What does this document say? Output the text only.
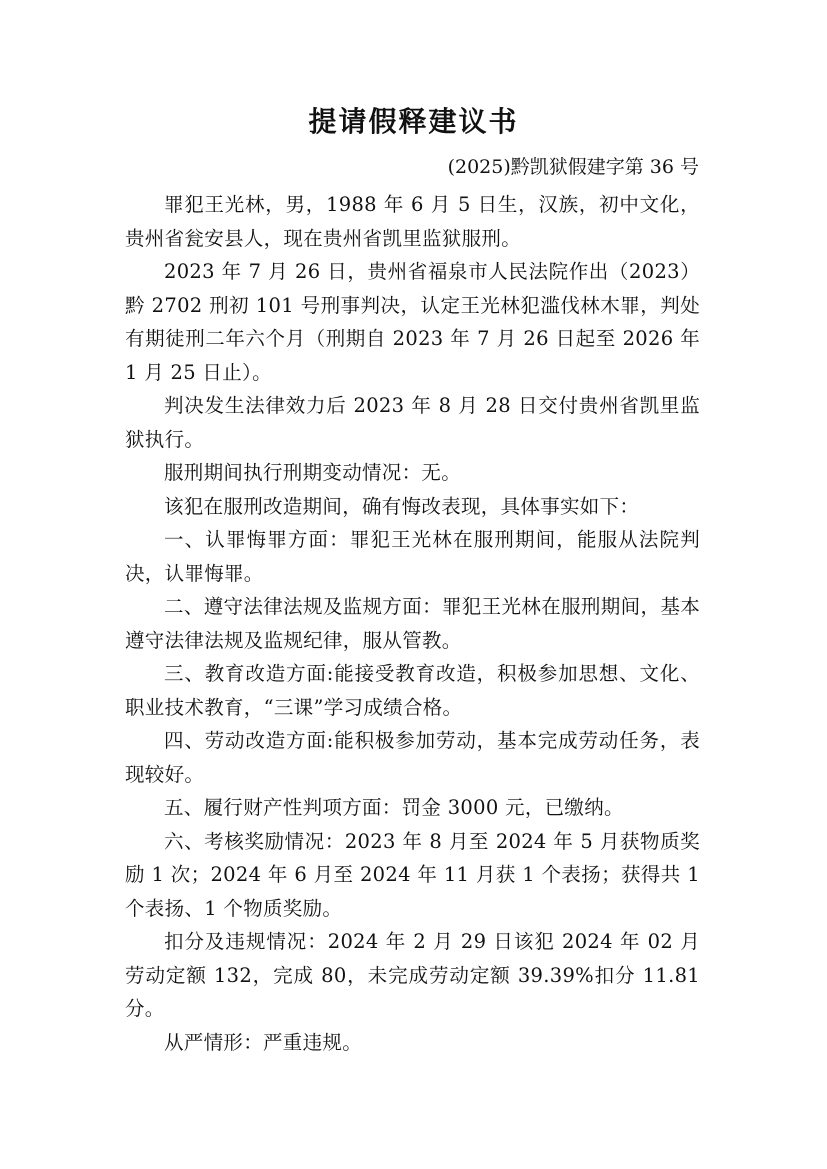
提请假释建议书
(2025)黔凯狱假建字第 36 号

罪犯王光林，男，1988 年 6 月 5 日生，汉族，初中文化，贵州省瓮安县人，现在贵州省凯里监狱服刑。

2023 年 7 月 26 日，贵州省福泉市人民法院作出（2023）黔 2702 刑初 101 号刑事判决，认定王光林犯滥伐林木罪，判处有期徒刑二年六个月（刑期自 2023 年 7 月 26 日起至 2026 年 1 月 25 日止）。

判决发生法律效力后 2023 年 8 月 28 日交付贵州省凯里监狱执行。

服刑期间执行刑期变动情况：无。

该犯在服刑改造期间，确有悔改表现，具体事实如下：

一、认罪悔罪方面：罪犯王光林在服刑期间，能服从法院判决，认罪悔罪。

二、遵守法律法规及监规方面：罪犯王光林在服刑期间，基本遵守法律法规及监规纪律，服从管教。

三、教育改造方面:能接受教育改造，积极参加思想、文化、职业技术教育，“三课”学习成绩合格。

四、劳动改造方面:能积极参加劳动，基本完成劳动任务，表现较好。

五、履行财产性判项方面：罚金 3000 元，已缴纳。

六、考核奖励情况：2023 年 8 月至 2024 年 5 月获物质奖励 1 次；2024 年 6 月至 2024 年 11 月获 1 个表扬；获得共 1 个表扬、1 个物质奖励。

扣分及违规情况：2024 年 2 月 29 日该犯 2024 年 02 月劳动定额 132，完成 80，未完成劳动定额 39.39%扣分 11.81 分。

从严情形：严重违规。
